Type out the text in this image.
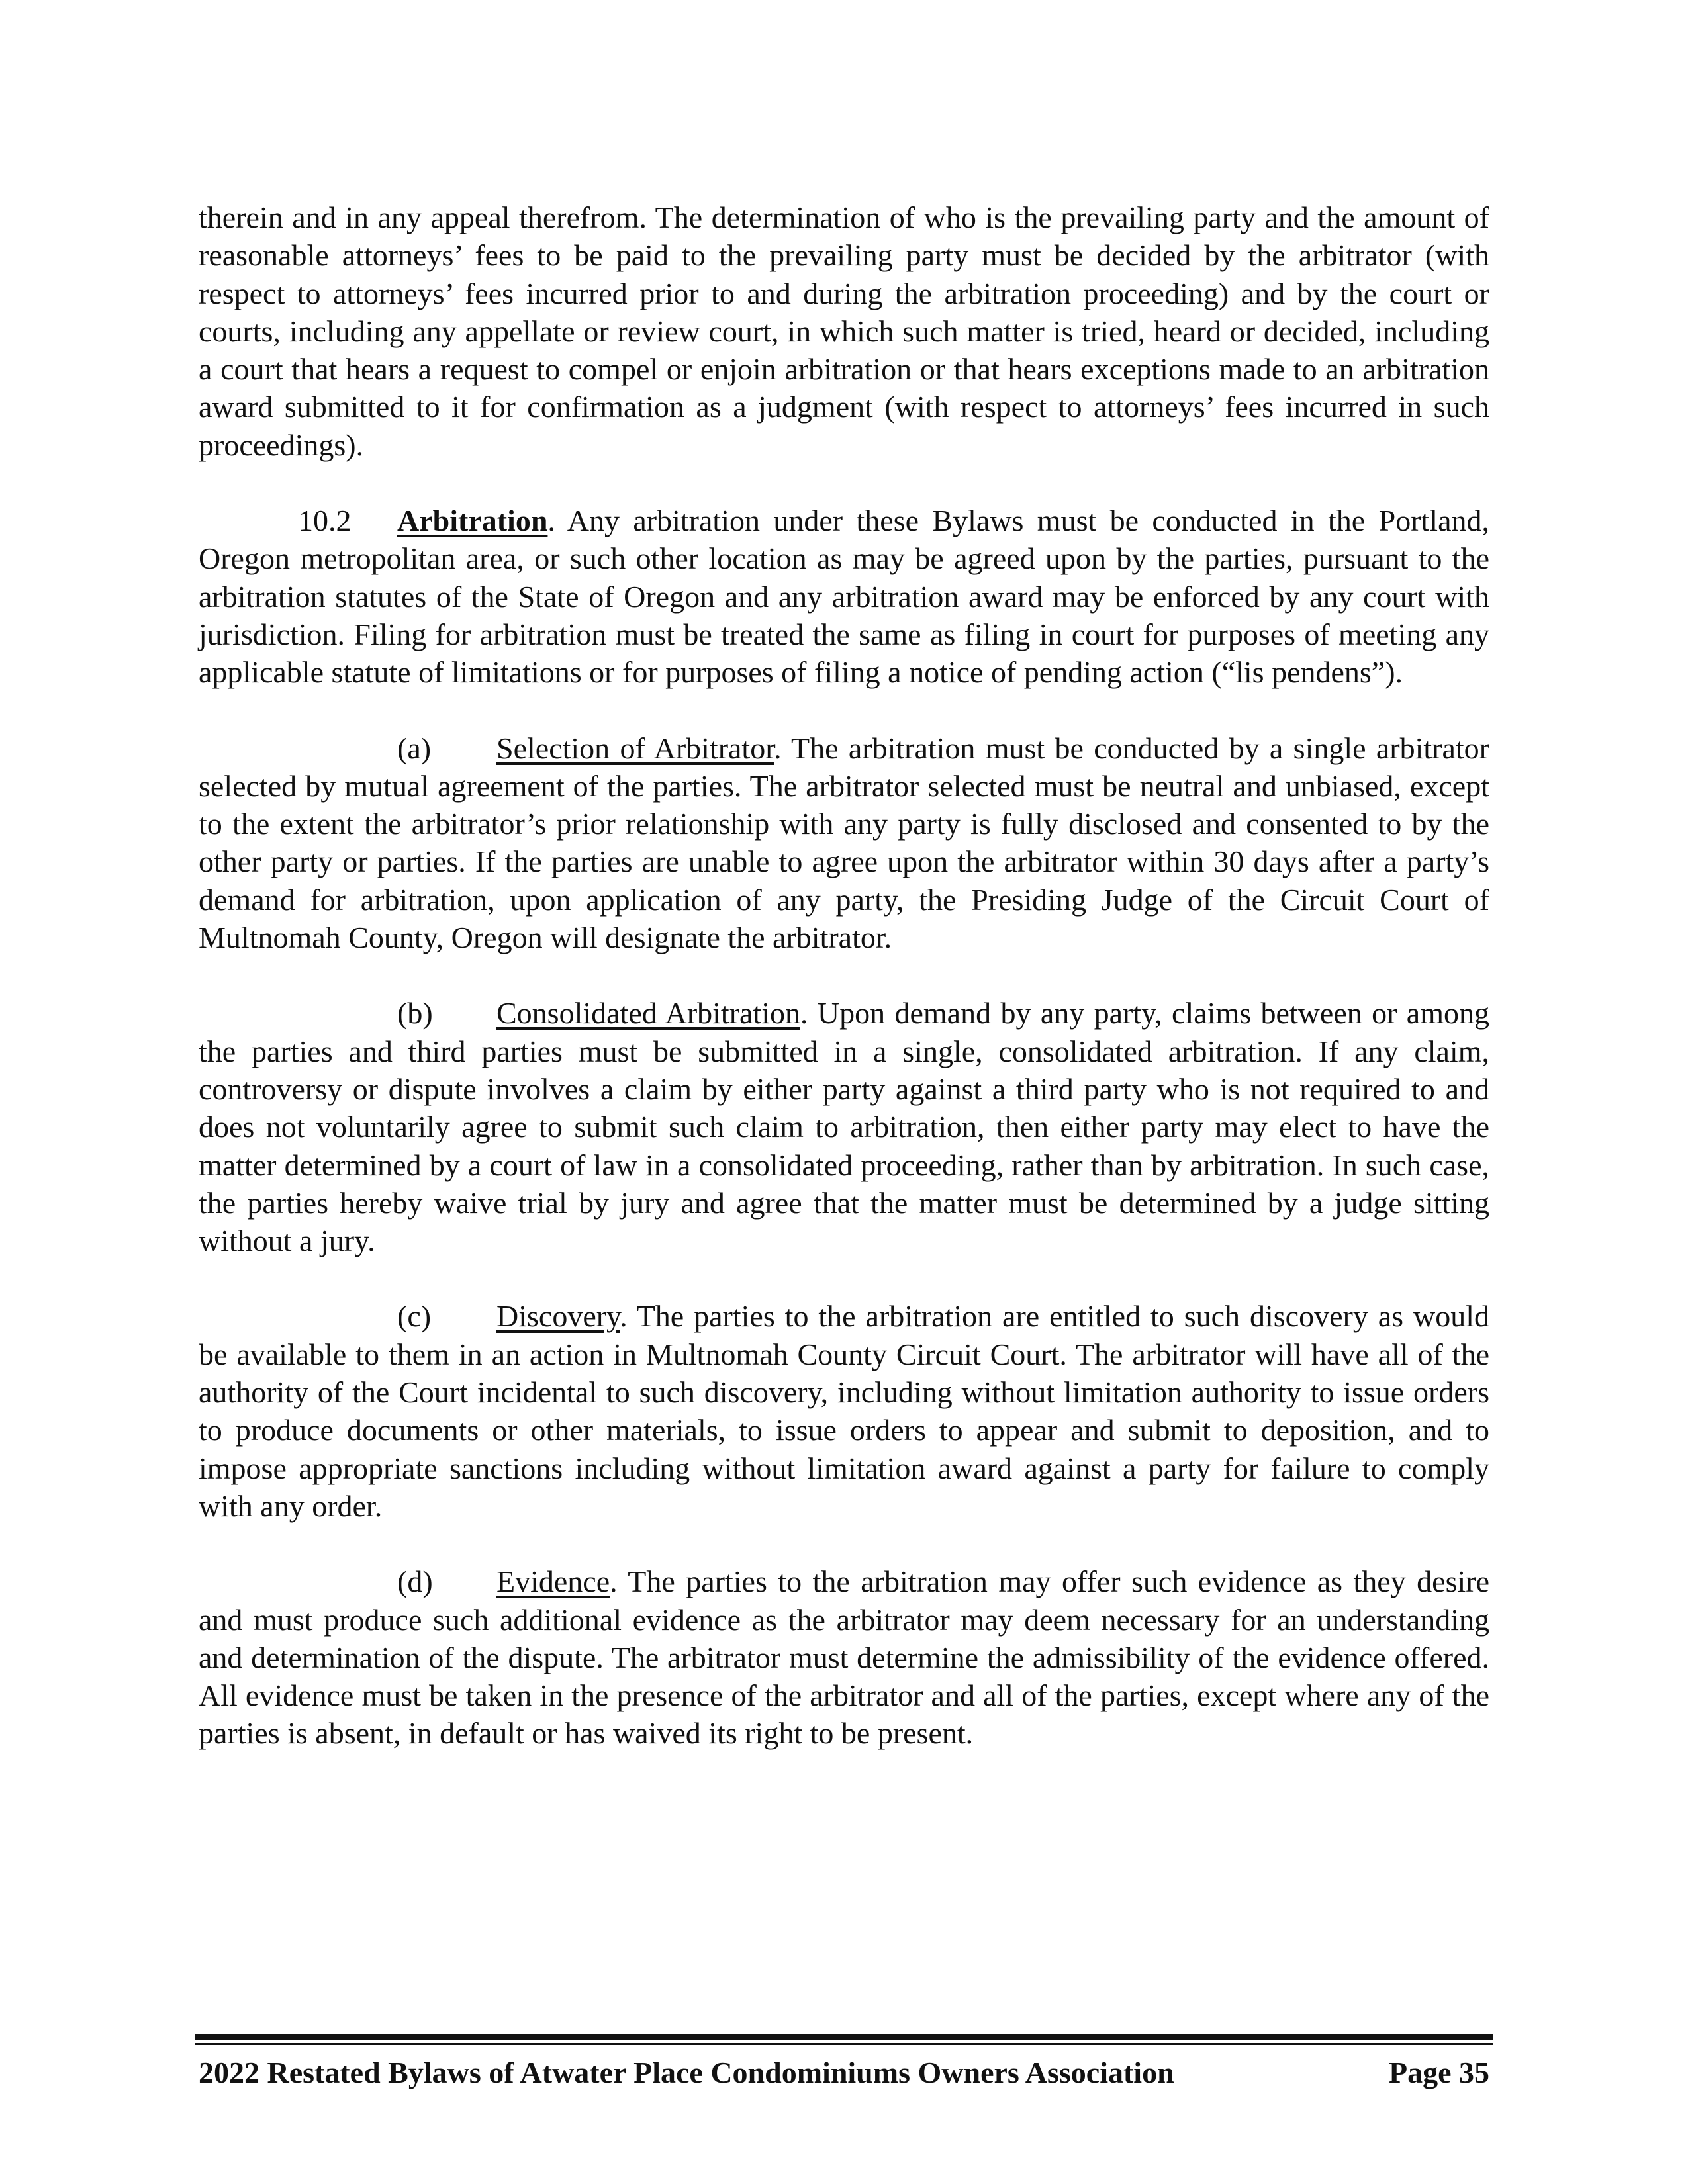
therein and in any appeal therefrom. The determination of who is the prevailing party and the amount of reasonable attorneys’ fees to be paid to the prevailing party must be decided by the arbitrator (with respect to attorneys’ fees incurred prior to and during the arbitration proceeding) and by the court or courts, including any appellate or review court, in which such matter is tried, heard or decided, including a court that hears a request to compel or enjoin arbitration or that hears exceptions made to an arbitration award submitted to it for confirmation as a judgment (with respect to attorneys’ fees incurred in such proceedings).

10.2 Arbitration. Any arbitration under these Bylaws must be conducted in the Portland, Oregon metropolitan area, or such other location as may be agreed upon by the parties, pursuant to the arbitration statutes of the State of Oregon and any arbitration award may be enforced by any court with jurisdiction. Filing for arbitration must be treated the same as filing in court for purposes of meeting any applicable statute of limitations or for purposes of filing a notice of pending action (“lis pendens”).

(a) Selection of Arbitrator. The arbitration must be conducted by a single arbitrator selected by mutual agreement of the parties. The arbitrator selected must be neutral and unbiased, except to the extent the arbitrator’s prior relationship with any party is fully disclosed and consented to by the other party or parties. If the parties are unable to agree upon the arbitrator within 30 days after a party’s demand for arbitration, upon application of any party, the Presiding Judge of the Circuit Court of Multnomah County, Oregon will designate the arbitrator.

(b) Consolidated Arbitration. Upon demand by any party, claims between or among the parties and third parties must be submitted in a single, consolidated arbitration. If any claim, controversy or dispute involves a claim by either party against a third party who is not required to and does not voluntarily agree to submit such claim to arbitration, then either party may elect to have the matter determined by a court of law in a consolidated proceeding, rather than by arbitration. In such case, the parties hereby waive trial by jury and agree that the matter must be determined by a judge sitting without a jury.

(c) Discovery. The parties to the arbitration are entitled to such discovery as would be available to them in an action in Multnomah County Circuit Court. The arbitrator will have all of the authority of the Court incidental to such discovery, including without limitation authority to issue orders to produce documents or other materials, to issue orders to appear and submit to deposition, and to impose appropriate sanctions including without limitation award against a party for failure to comply with any order.

(d) Evidence. The parties to the arbitration may offer such evidence as they desire and must produce such additional evidence as the arbitrator may deem necessary for an understanding and determination of the dispute. The arbitrator must determine the admissibility of the evidence offered. All evidence must be taken in the presence of the arbitrator and all of the parties, except where any of the parties is absent, in default or has waived its right to be present.

2022 Restated Bylaws of Atwater Place Condominiums Owners Association	Page 35
